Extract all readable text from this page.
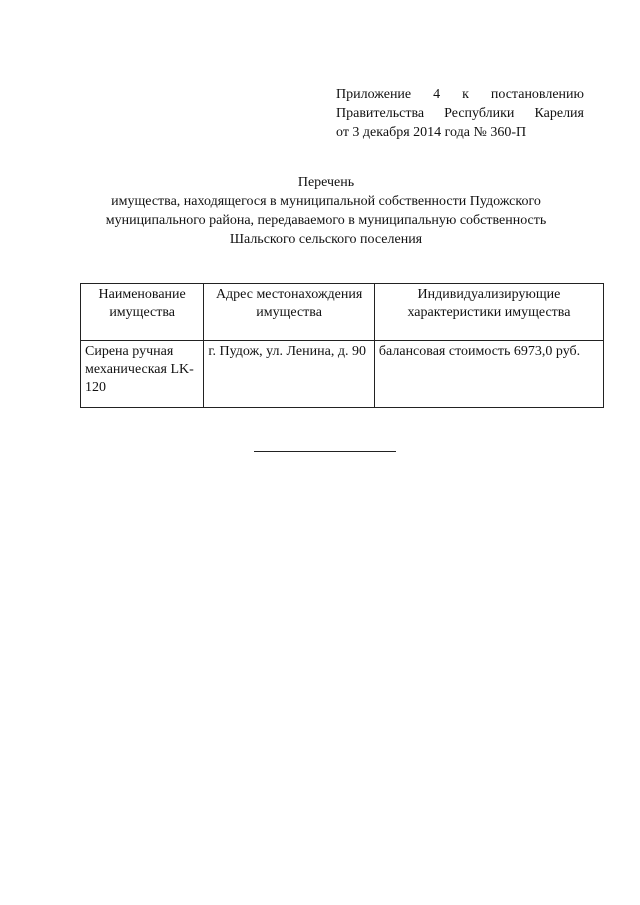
Приложение 4 к постановлению
Правительства Республики Карелия
от 3 декабря 2014 года № 360-П
Перечень
имущества, находящегося в муниципальной собственности Пудожского
муниципального района, передаваемого в муниципальную собственность
Шальского сельского поселения
Наименование имущества	Адрес местонахождения имущества	Индивидуализирующие характеристики имущества
Сирена ручная механическая LK-120	г. Пудож, ул. Ленина, д. 90	балансовая стоимость 6973,0 руб.
